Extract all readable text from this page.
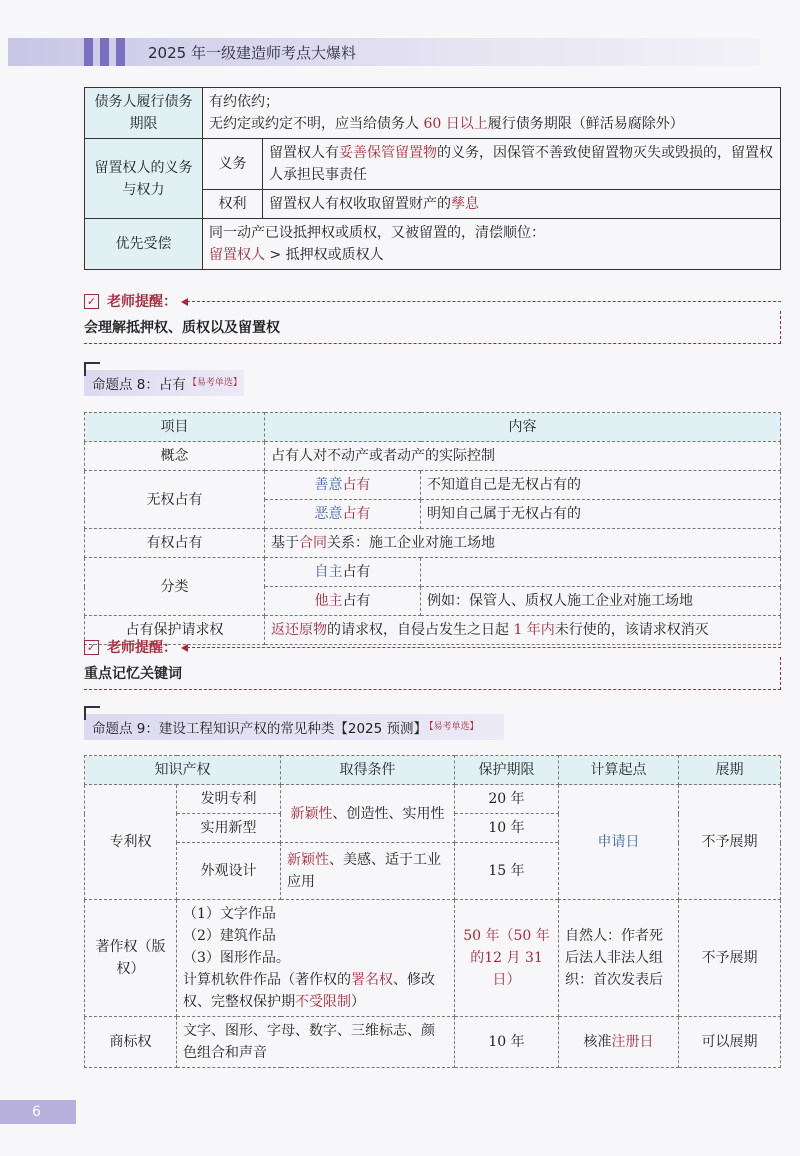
2025 年一级建造师考点大爆料
债务人履行债务期限	有约依约；
无约定或约定不明，应当给债务人 60 日以上履行债务期限（鲜活易腐除外）	

留置权人的义务与权力	义务	留置权人有妥善保管留置物的义务，因保管不善致使留置物灭失或毁损的，留置权人承担民事责任
	权利	留置权人有权收取留置财产的孳息
优先受偿	同一动产已设抵押权或质权，又被留置的，清偿顺位：
留置权人 > 抵押权或质权人	
✓ 老师提醒：
会理解抵押权、质权以及留置权
命题点 8：占有 $^{【易考单选】}$
项目	内容	
概念	占有人对不动产或者动产的实际控制	
无权占有	善意占有	不知道自己是无权占有的
	恶意占有	明知自己属于无权占有的
有权占有	基于合同关系：施工企业对施工场地	
分类	自主占有	
	他主占有	例如：保管人、质权人施工企业对施工场地
占有保护请求权	返还原物的请求权，自侵占发生之日起 1 年内未行使的，该请求权消灭	
✓ 老师提醒：
重点记忆关键词
命题点 9：建设工程知识产权的常见种类【2025 预测】 $^{【易考单选】}$
知识产权		取得条件	保护期限	计算起点	展期
专利权	发明专利	新颖性、创造性、实用性	20 年	申请日	不予展期
	实用新型		10 年		
	外观设计	新颖性、美感、适于工业应用	15 年		
著作权（版权）	（1）文字作品
（2）建筑作品
（3）图形作品。
计算机软件作品（著作权的署名权、修改权、完整权保护期不受限制）		50 年（50 年的12 月 31 日）	自然人：作者死后法人非法人组织：首次发表后	不予展期
商标权	文字、图形、字母、数字、三维标志、颜色组合和声音		10 年	核准注册日	可以展期
6
